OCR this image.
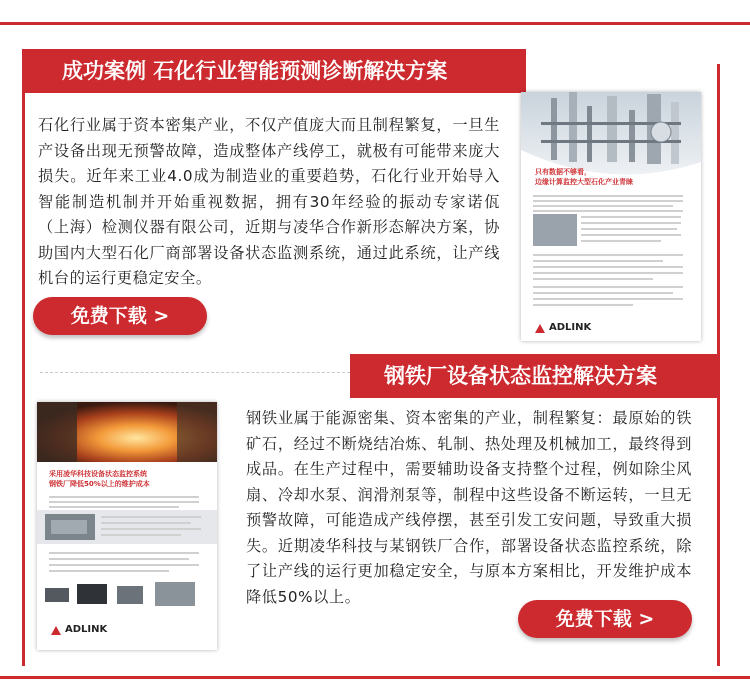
成功案例 石化行业智能预测诊断解决方案
石化行业属于资本密集产业，不仅产值庞大而且制程繁复，一旦生产设备出现无预警故障，造成整体产线停工，就极有可能带来庞大损失。近年来工业4.0成为制造业的重要趋势，石化行业开始导入智能制造机制并开始重视数据，拥有30年经验的振动专家诺佤（上海）检测仪器有限公司，近期与凌华合作新形态解决方案，协助国内大型石化厂商部署设备状态监测系统，通过此系统，让产线机台的运行更稳定安全。
免费下载 >
只有数据不够看，
边缘计算监控大型石化产业青睐
ADLINK
钢铁厂设备状态监控解决方案
采用凌华科技设备状态监控系统
钢铁厂降低50%以上的维护成本
ADLINK
钢铁业属于能源密集、资本密集的产业，制程繁复：最原始的铁矿石，经过不断烧结冶炼、轧制、热处理及机械加工，最终得到成品。在生产过程中，需要辅助设备支持整个过程，例如除尘风扇、冷却水泵、润滑剂泵等，制程中这些设备不断运转，一旦无预警故障，可能造成产线停摆，甚至引发工安问题，导致重大损失。近期凌华科技与某钢铁厂合作，部署设备状态监控系统，除了让产线的运行更加稳定安全，与原本方案相比，开发维护成本降低50%以上。
免费下载 >
